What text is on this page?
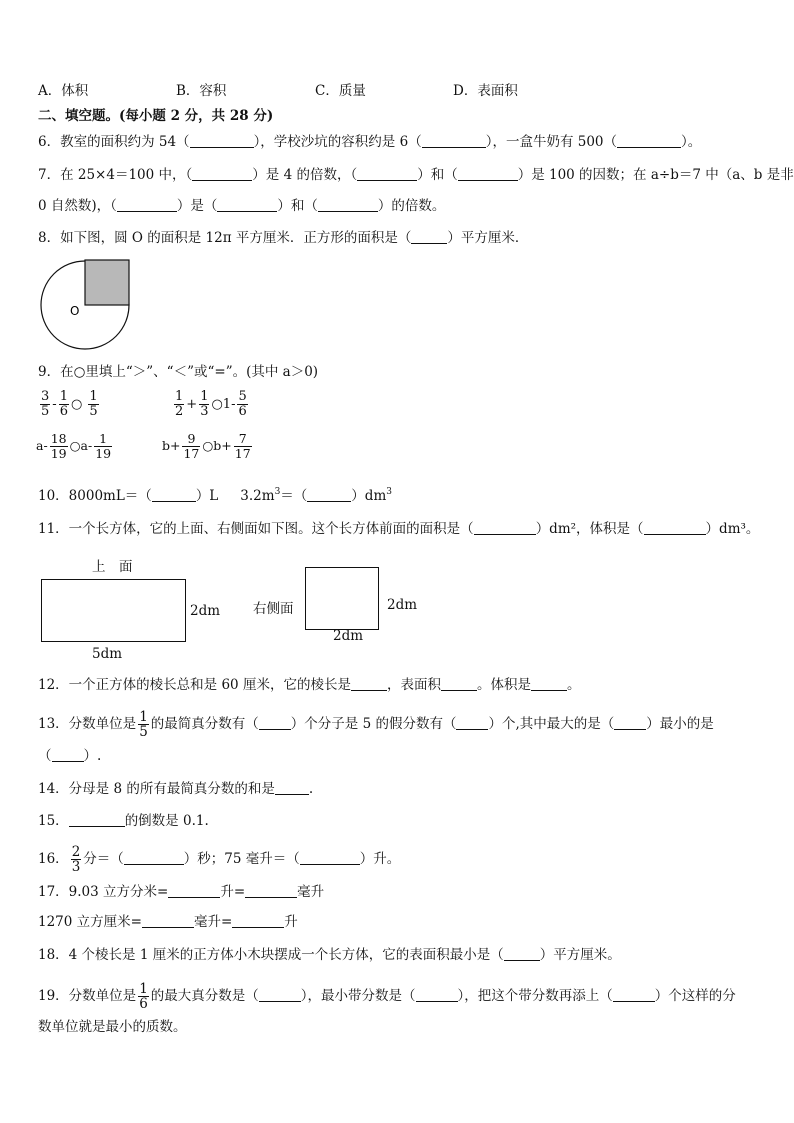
A．体积	B．容积	C．质量	D．表面积
二、填空题。(每小题 2 分，共 28 分)
6．教室的面积约为 54（	），学校沙坑的容积约是 6（	），一盒牛奶有 500（	）。
7．在 25×4＝100 中，（	）是 4 的倍数，（	）和（	）是 100 的因数；在 a÷b＝7 中（a、b 是非
0 自然数)，（	）是（	）和（	）的倍数。
8．如下图，圆 O 的面积是 12π 平方厘米．正方形的面积是（	）平方厘米．
O
9．在○里填上“＞”、“＜”或“=”。(其中 a＞0)
$\frac{3}{5} - \frac{1}{6}$ ○ $\frac{1}{5}$	$\frac{1}{2} + \frac{1}{3}$ ○1- $\frac{5}{6}$
$a- \frac{18}{19}$ ○a- $\frac{1}{19}$	$b+ \frac{9}{17}$ ○b+ $\frac{7}{17}$
10．8000mL＝（	）L $3.2m^3=$（	）$dm^3$
11．一个长方体，它的上面、右侧面如下图。这个长方体前面的面积是（	）dm²，体积是（	）dm³。
上　面
2dm
5dm
右侧面	2dm
2dm
12．一个正方体的棱长总和是 60 厘米，它的棱长是	，表面积	。体积是	。
13．分数单位是 $\frac{1}{5}$ 的最简真分数有（ ）个分子是 5 的假分数有（ ）个,其中最大的是（ ）最小的是
（ ）.
14．分母是 8 的所有最简真分数的和是	.
15．	的倒数是 0.1.
16． $\frac{2}{3}$ 分＝（	）秒；75 毫升＝（	）升。
17．9.03 立方分米=	升=	毫升
1270 立方厘米=	毫升=	升
18．4 个棱长是 1 厘米的正方体小木块摆成一个长方体，它的表面积最小是（	）平方厘米。
19．分数单位是 $\frac{1}{6}$ 的最大真分数是（	），最小带分数是（	），把这个带分数再添上（	）个这样的分
数单位就是最小的质数。
